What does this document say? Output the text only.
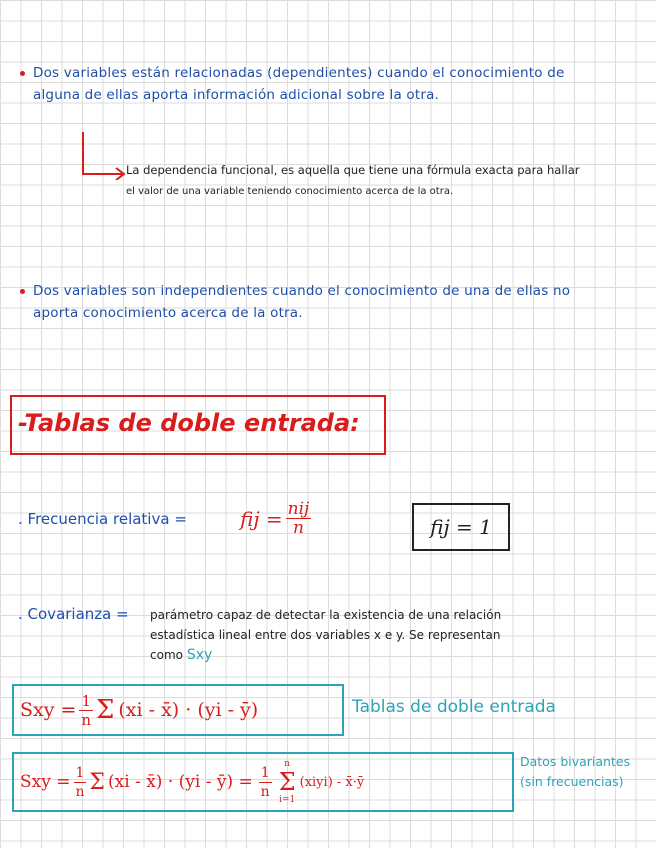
Dos variables están relacionadas (dependientes) cuando el conocimiento de
alguna de ellas aporta información adicional sobre la otra.
La dependencia funcional, es aquella que tiene una fórmula exacta para hallar
el valor de una variable teniendo conocimiento acerca de la otra.
Dos variables son independientes cuando el conocimiento de una de ellas no
aporta conocimiento acerca de la otra.
-Tablas de doble entrada:
. Frecuencia relativa =	fij = $\frac{\text{nij}}{n}$	fij = 1
. Covarianza = parámetro capaz de detectar la existencia de una relación
estadística lineal entre dos variables x e y. Se representan
como Sxy
Sxy = $\frac{1}{n}$ Σ (xi - x̄) · (yi - ȳ)	Tablas de doble entrada
Sxy = $\frac{1}{n}$ Σ (xi - x̄) · (yi - ȳ) = $\frac{1}{n}$ n
Σ
i=1
(xiyi) - x̄·ȳ
Datos bivariantes
(sin frecuencias)
